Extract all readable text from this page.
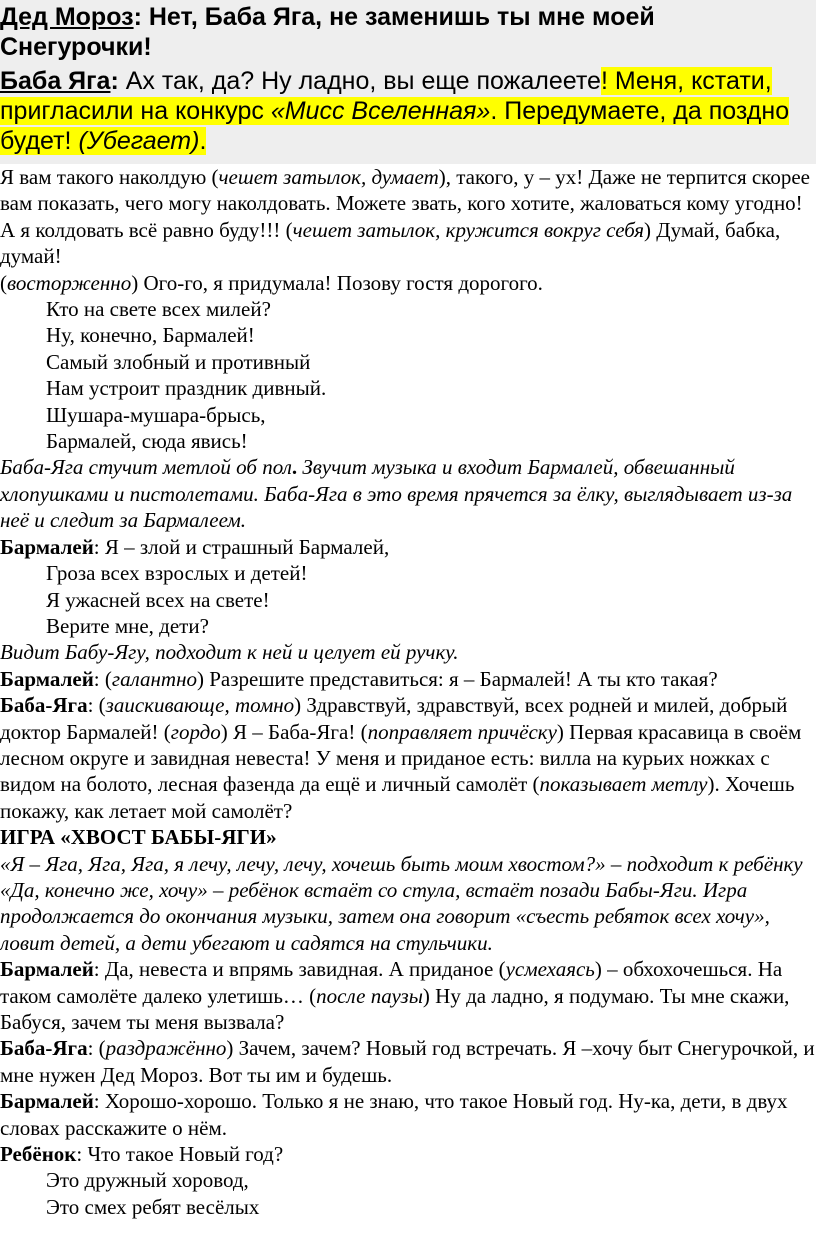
Дед Мороз: Нет, Баба Яга, не заменишь ты мне моей Снегурочки!

Баба Яга: Ах так, да? Ну ладно, вы еще пожалеете! Меня, кстати, пригласили на конкурс «Мисс Вселенная». Передумаете, да поздно будет! (Убегает).

Я вам такого наколдую (чешет затылок, думает), такого, у – ух! Даже не терпится скорее вам показать, чего могу наколдовать. Можете звать, кого хотите, жаловаться кому угодно! А я колдовать всё равно буду!!! (чешет затылок, кружится вокруг себя) Думай, бабка, думай!

(восторженно) Ого-го, я придумала! Позову гостя дорогого.

Кто на свете всех милей?

Ну, конечно, Бармалей!

Самый злобный и противный

Нам устроит праздник дивный.

Шушара-мушара-брысь,

Бармалей, сюда явись!

Баба-Яга стучит метлой об пол. Звучит музыка и входит Бармалей, обвешанный хлопушками и пистолетами. Баба-Яга в это время прячется за ёлку, выглядывает из-за неё и следит за Бармалеем.

Бармалей: Я – злой и страшный Бармалей,

Гроза всех взрослых и детей!

Я ужасней всех на свете!

Верите мне, дети?

Видит Бабу-Ягу, подходит к ней и целует ей ручку.

Бармалей: (галантно) Разрешите представиться: я – Бармалей! А ты кто такая?

Баба-Яга: (заискивающе, томно) Здравствуй, здравствуй, всех родней и милей, добрый доктор Бармалей! (гордо) Я – Баба-Яга! (поправляет причёску) Первая красавица в своём лесном округе и завидная невеста! У меня и приданое есть: вилла на курьих ножках с видом на болото, лесная фазенда да ещё и личный самолёт (показывает метлу). Хочешь покажу, как летает мой самолёт?

ИГРА «ХВОСТ БАБЫ-ЯГИ»

«Я – Яга, Яга, Яга, я лечу, лечу, лечу, хочешь быть моим хвостом?» – подходит к ребёнку

«Да, конечно же, хочу» – ребёнок встаёт со стула, встаёт позади Бабы-Яги. Игра продолжается до окончания музыки, затем она говорит «съесть ребяток всех хочу», ловит детей, а дети убегают и садятся на стульчики.

Бармалей: Да, невеста и впрямь завидная. А приданое (усмехаясь) – обхохочешься. На таком самолёте далеко улетишь… (после паузы) Ну да ладно, я подумаю. Ты мне скажи, Бабуся, зачем ты меня вызвала?

Баба-Яга: (раздражённо) Зачем, зачем? Новый год встречать. Я –хочу быт Снегурочкой, и мне нужен Дед Мороз. Вот ты им и будешь.

Бармалей: Хорошо-хорошо. Только я не знаю, что такое Новый год. Ну-ка, дети, в двух словах расскажите о нём.

Ребёнок: Что такое Новый год?

Это дружный хоровод,

Это смех ребят весёлых
